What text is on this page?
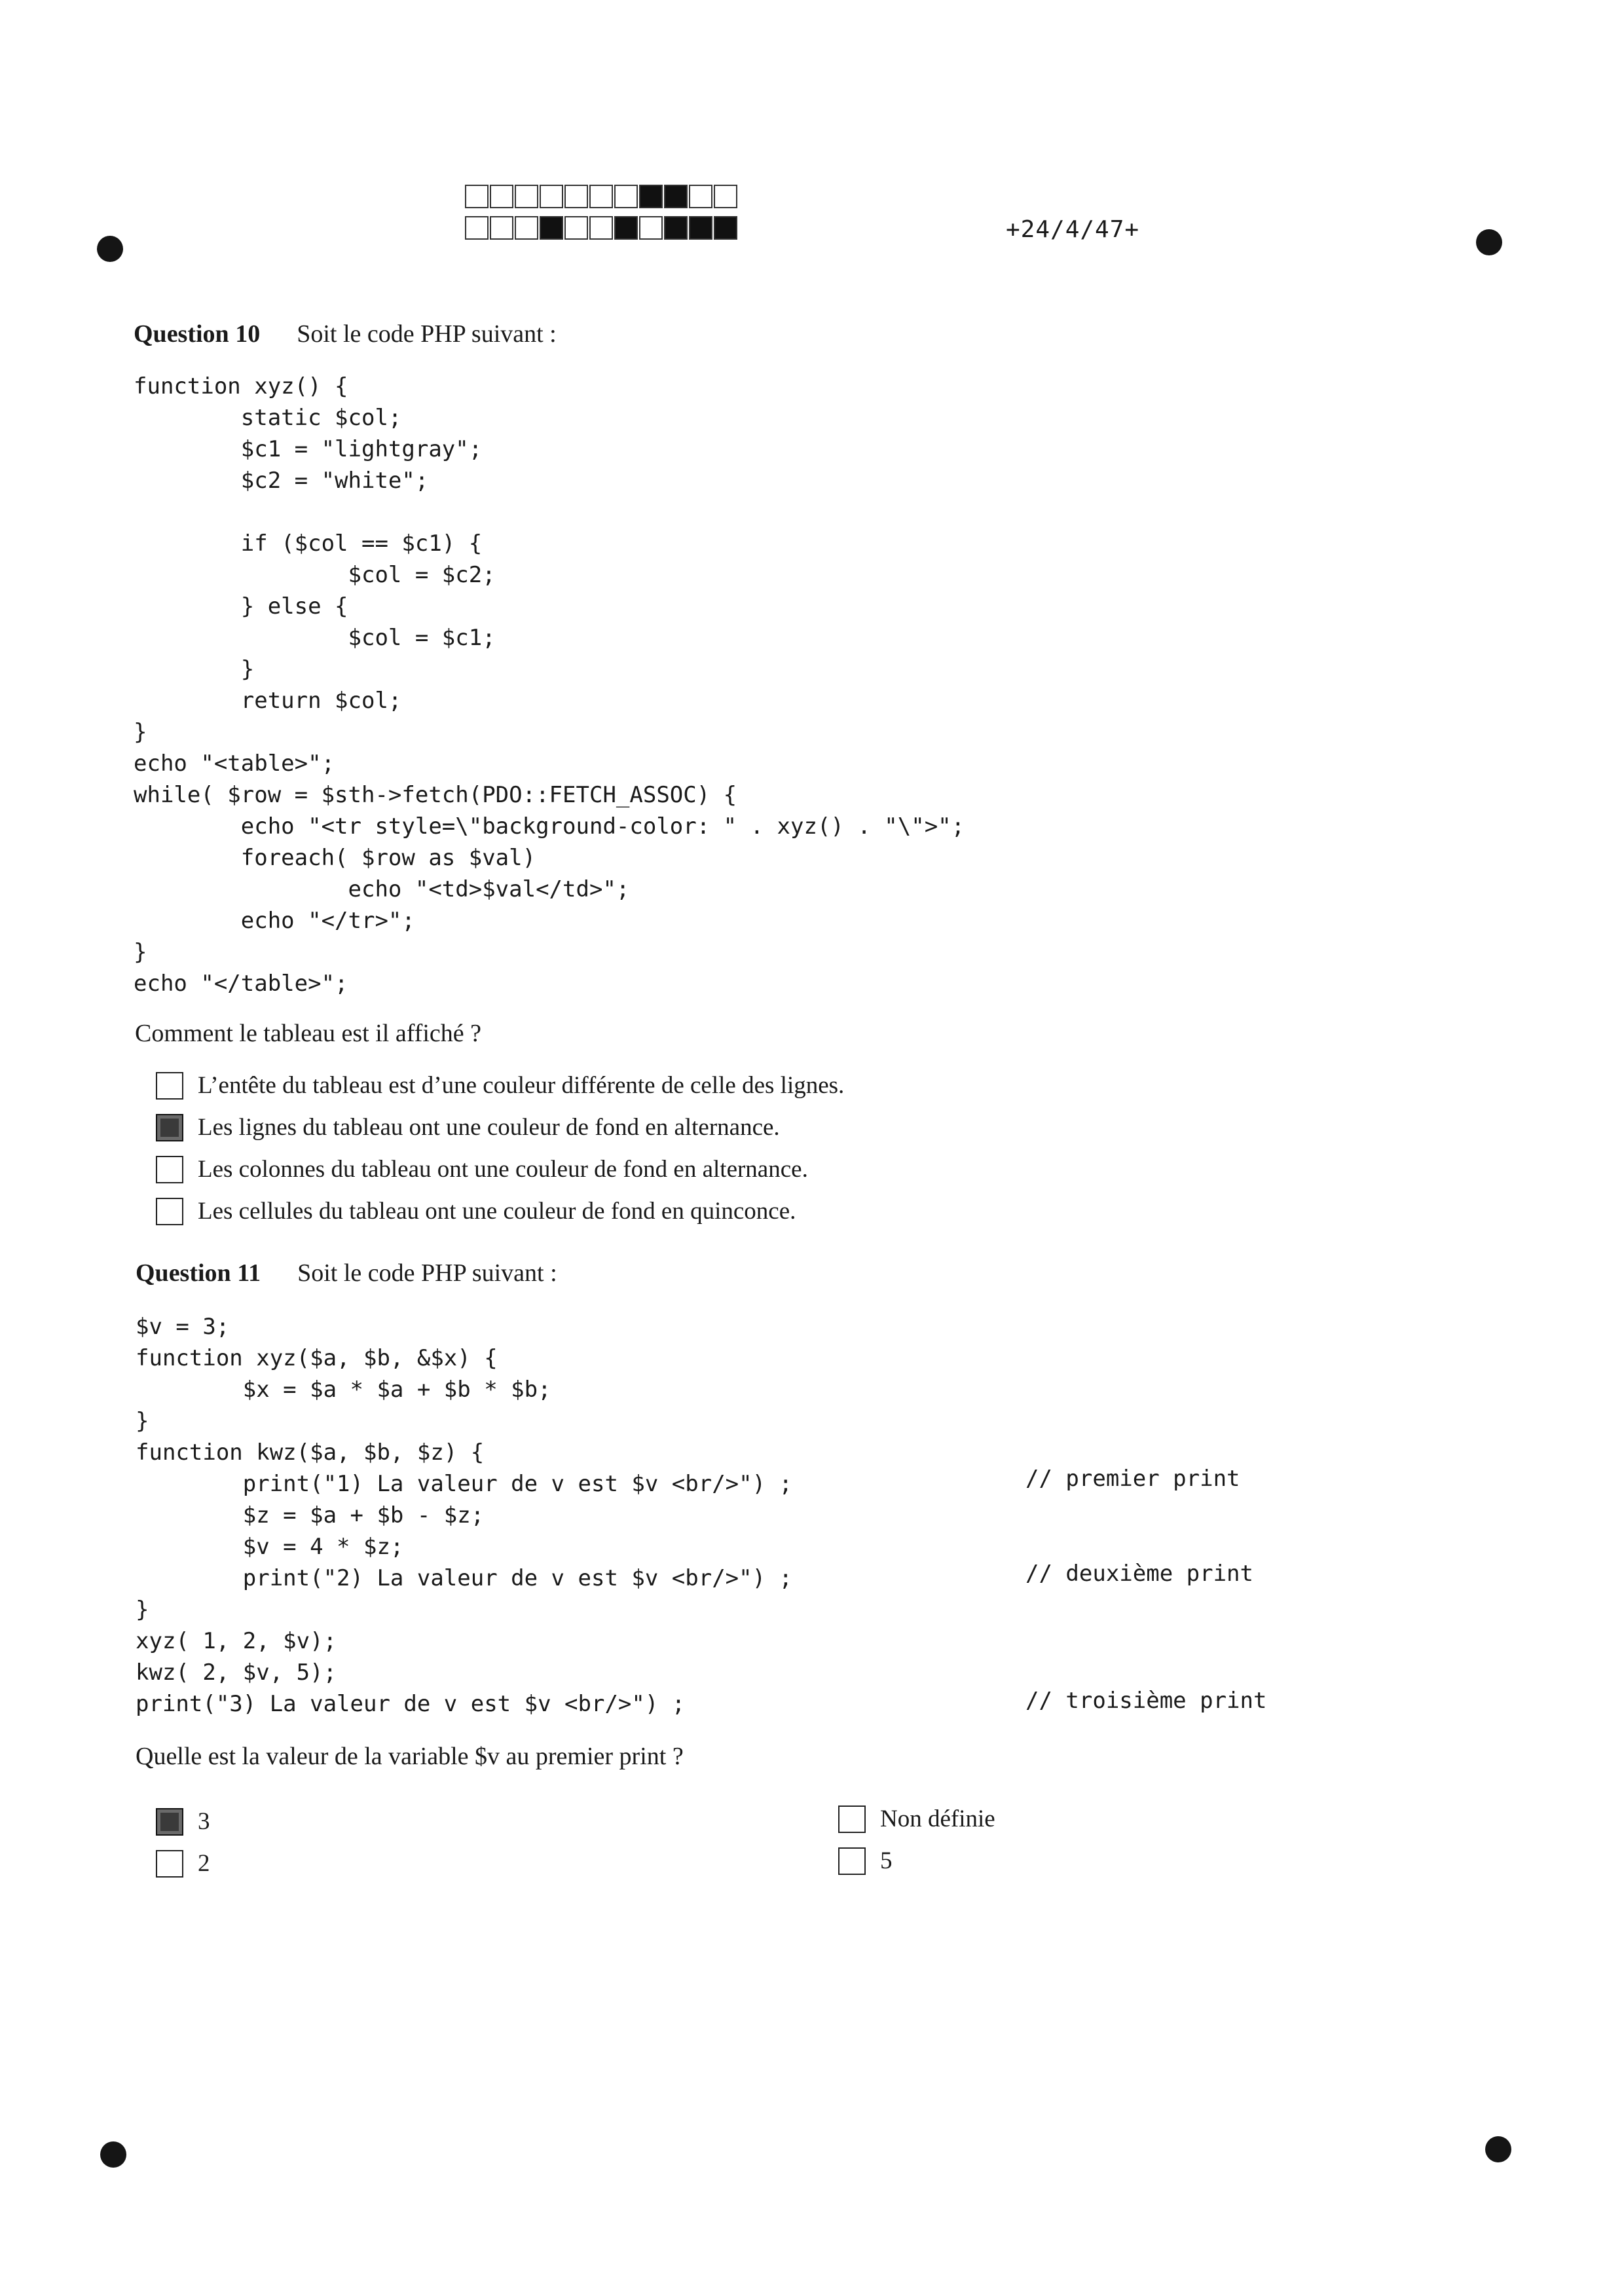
+24/4/47+
Question 10 Soit le code PHP suivant :
function xyz() {
static $col;
$c1 = "lightgray";
$c2 = "white";

if ($col == $c1) {
$col = $c2;
} else {
$col = $c1;
}
return $col;
}
echo "<table>";
while( $row = $sth->fetch(PDO::FETCH_ASSOC) {
echo "<tr style=\"background-color: " . xyz() . "\">";
foreach( $row as $val)
echo "<td>$val</td>";
echo "</tr>";
}
echo "</table>";
Comment le tableau est il affiché ?
L’entête du tableau est d’une couleur différente de celle des lignes.
Les lignes du tableau ont une couleur de fond en alternance.
Les colonnes du tableau ont une couleur de fond en alternance.
Les cellules du tableau ont une couleur de fond en quinconce.
Question 11 Soit le code PHP suivant :
$v = 3;
function xyz($a, $b, &$x) {
$x = $a * $a + $b * $b;
}
function kwz($a, $b, $z) {
print("1) La valeur de v est $v <br/>") ;
$z = $a + $b - $z;
$v = 4 * $z;
print("2) La valeur de v est $v <br/>") ;
}
xyz( 1, 2, $v);
kwz( 2, $v, 5);
print("3) La valeur de v est $v <br/>") ;
// premier print
// deuxième print
// troisième print
Quelle est la valeur de la variable $v au premier print ?
3
2
Non définie
5
